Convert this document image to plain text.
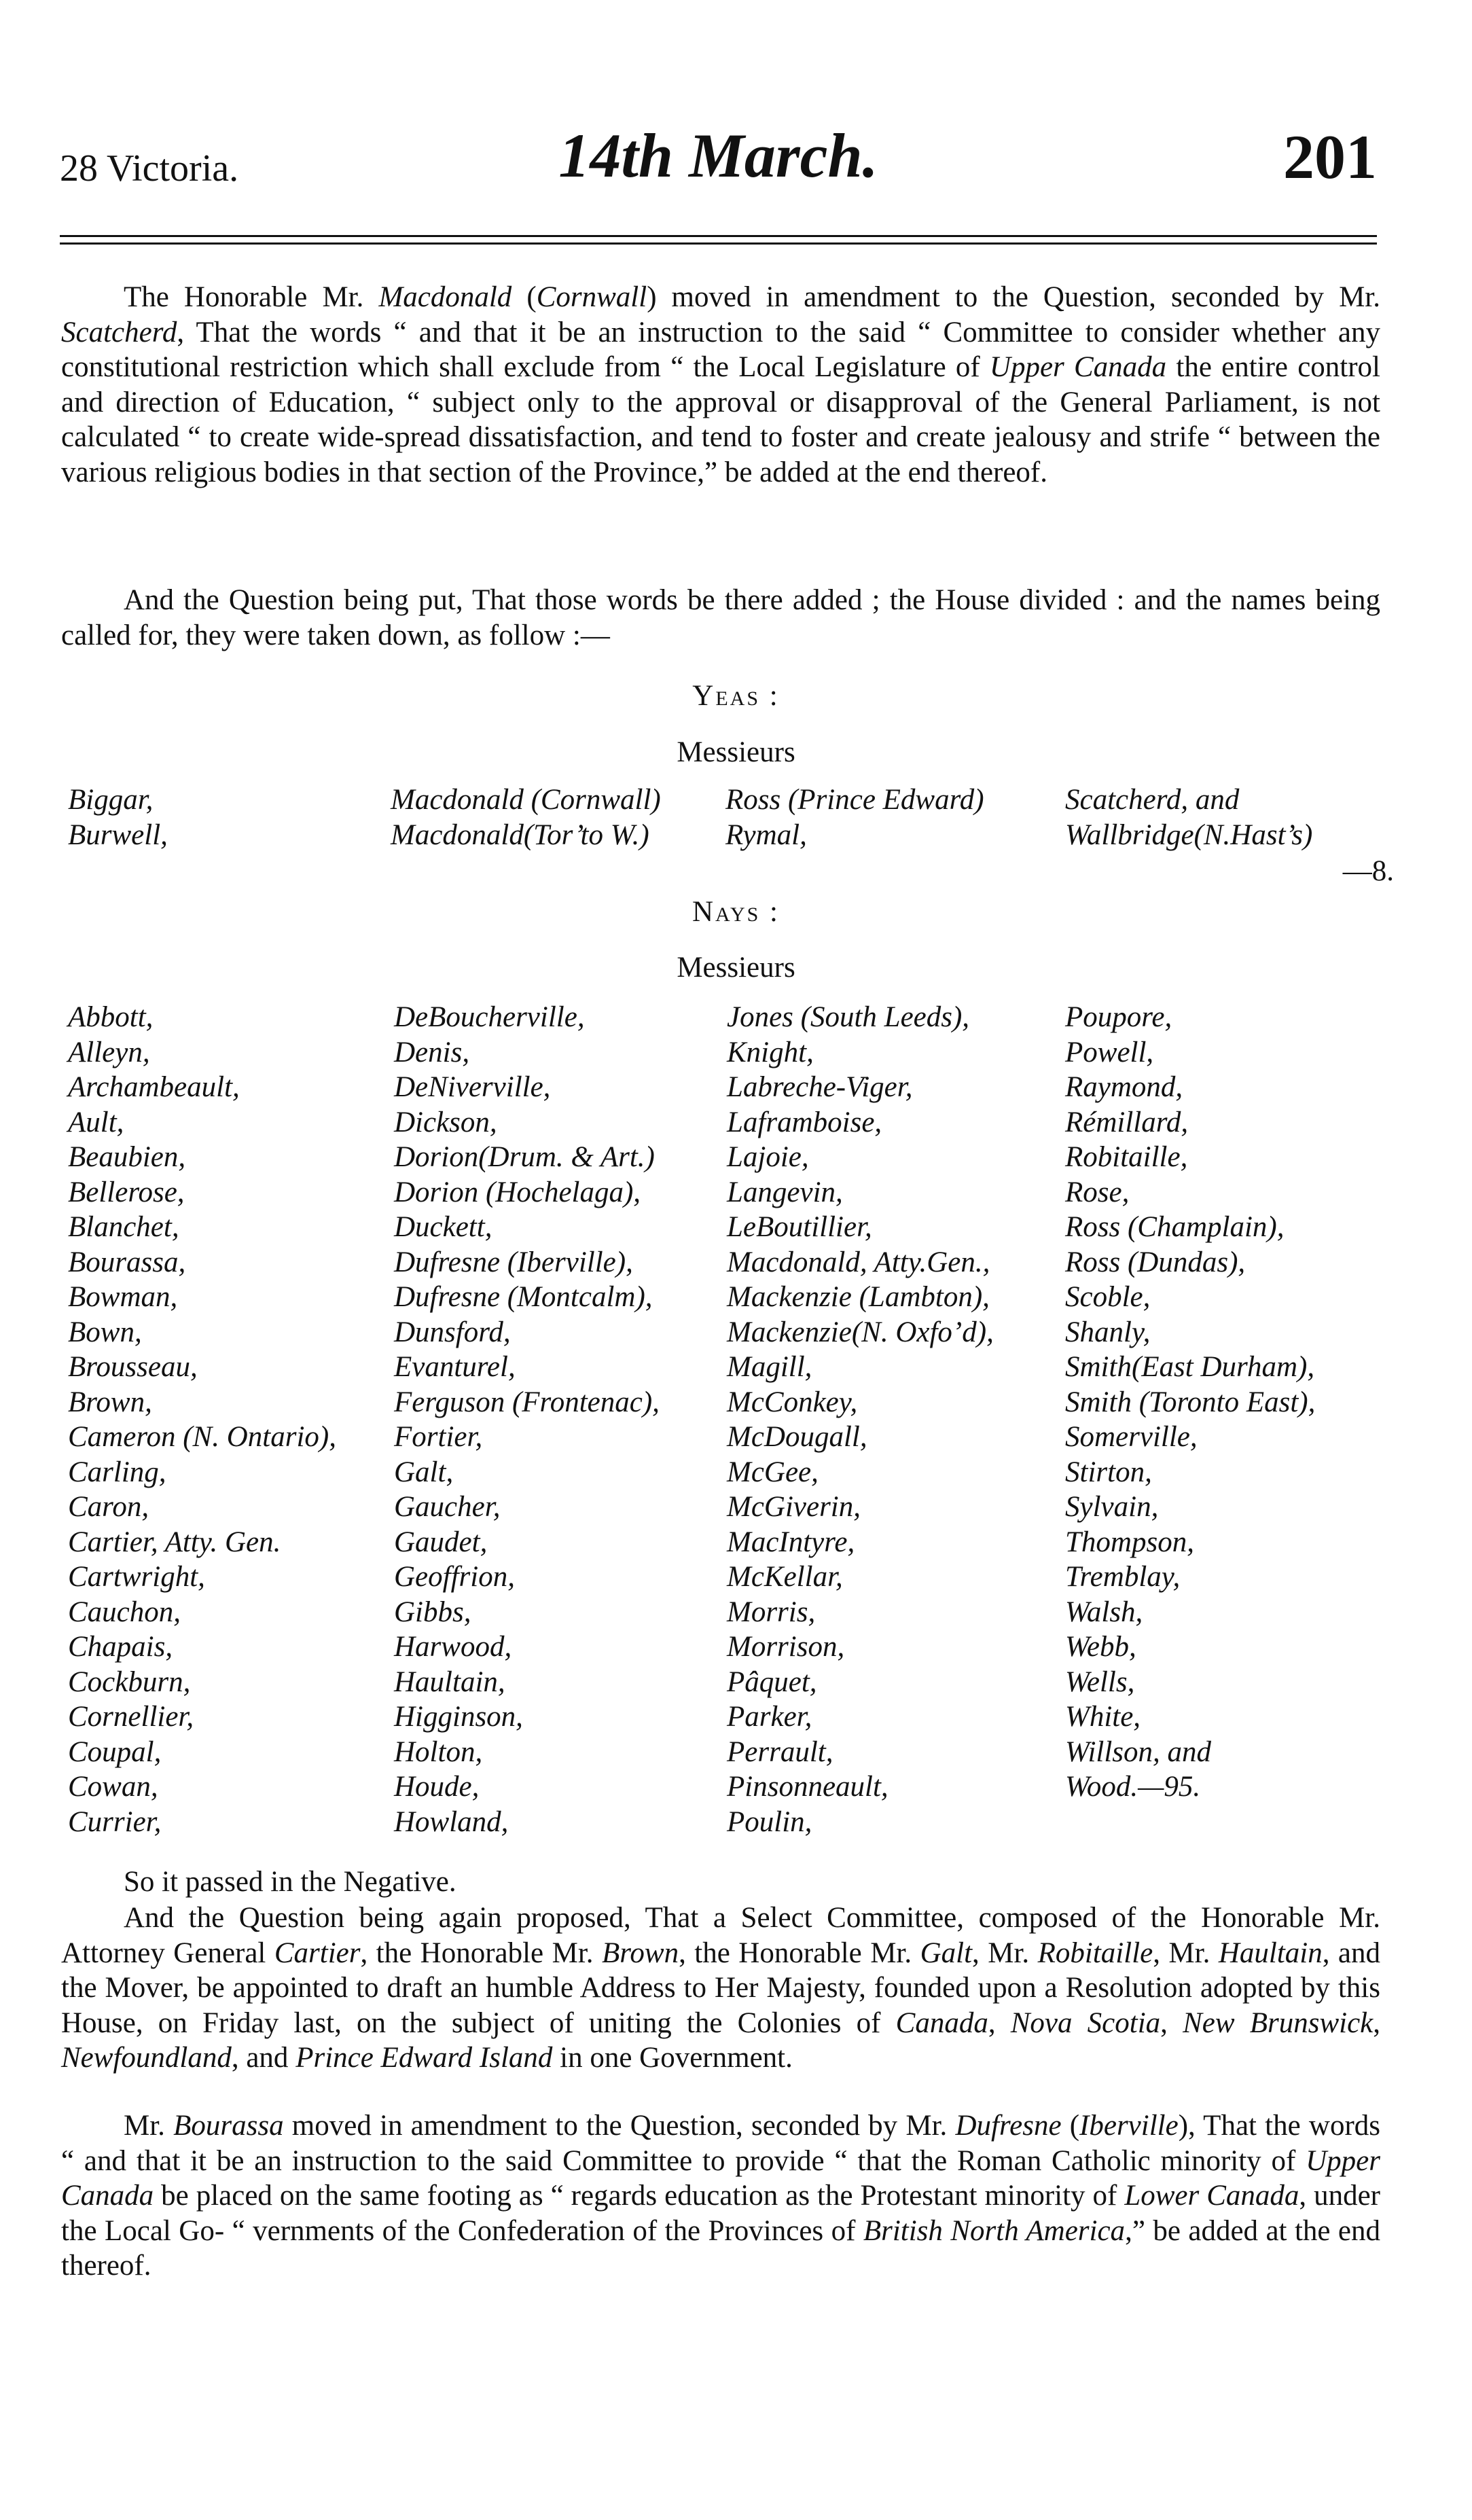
28 Victoria.	14th March.	201

The Honorable Mr. Macdonald (Cornwall) moved in amendment to the Question, seconded by Mr. Scatcherd, That the words “ and that it be an instruction to the said “ Committee to consider whether any constitutional restriction which shall exclude from “ the Local Legislature of Upper Canada the entire control and direction of Education, “ subject only to the approval or disapproval of the General Parliament, is not calculated “ to create wide-spread dissatisfaction, and tend to foster and create jealousy and strife “ between the various religious bodies in that section of the Province,” be added at the end thereof.

And the Question being put, That those words be there added ; the House divided : and the names being called for, they were taken down, as follow :—

Yeas :
Messieurs
Biggar,
Burwell,
Macdonald (Cornwall)
Macdonald(Tor’to W.)
Ross (Prince Edward)
Rymal,
Scatcherd, and
Wallbridge(N.Hast’s)
—8.
Nays :
Messieurs
Abbott,
Alleyn,
Archambeault,
Ault,
Beaubien,
Bellerose,
Blanchet,
Bourassa,
Bowman,
Bown,
Brousseau,
Brown,
Cameron (N. Ontario),
Carling,
Caron,
Cartier, Atty. Gen.
Cartwright,
Cauchon,
Chapais,
Cockburn,
Cornellier,
Coupal,
Cowan,
Currier,
DeBoucherville,
Denis,
DeNiverville,
Dickson,
Dorion(Drum. & Art.)
Dorion (Hochelaga),
Duckett,
Dufresne (Iberville),
Dufresne (Montcalm),
Dunsford,
Evanturel,
Ferguson (Frontenac),
Fortier,
Galt,
Gaucher,
Gaudet,
Geoffrion,
Gibbs,
Harwood,
Haultain,
Higginson,
Holton,
Houde,
Howland,
Jones (South Leeds),
Knight,
Labreche-Viger,
Laframboise,
Lajoie,
Langevin,
LeBoutillier,
Macdonald, Atty.Gen.,
Mackenzie (Lambton),
Mackenzie(N. Oxfo’d),
Magill,
McConkey,
McDougall,
McGee,
McGiverin,
MacIntyre,
McKellar,
Morris,
Morrison,
Pâquet,
Parker,
Perrault,
Pinsonneault,
Poulin,
Poupore,
Powell,
Raymond,
Rémillard,
Robitaille,
Rose,
Ross (Champlain),
Ross (Dundas),
Scoble,
Shanly,
Smith(East Durham),
Smith (Toronto East),
Somerville,
Stirton,
Sylvain,
Thompson,
Tremblay,
Walsh,
Webb,
Wells,
White,
Willson, and
Wood.—95.

So it passed in the Negative.

And the Question being again proposed, That a Select Committee, composed of the Honorable Mr. Attorney General Cartier, the Honorable Mr. Brown, the Honorable Mr. Galt, Mr. Robitaille, Mr. Haultain, and the Mover, be appointed to draft an humble Address to Her Majesty, founded upon a Resolution adopted by this House, on Friday last, on the subject of uniting the Colonies of Canada, Nova Scotia, New Brunswick, Newfoundland, and Prince Edward Island in one Government.

Mr. Bourassa moved in amendment to the Question, seconded by Mr. Dufresne (Iberville), That the words “ and that it be an instruction to the said Committee to provide “ that the Roman Catholic minority of Upper Canada be placed on the same footing as “ regards education as the Protestant minority of Lower Canada, under the Local Go- “ vernments of the Confederation of the Provinces of British North America,” be added at the end thereof.
